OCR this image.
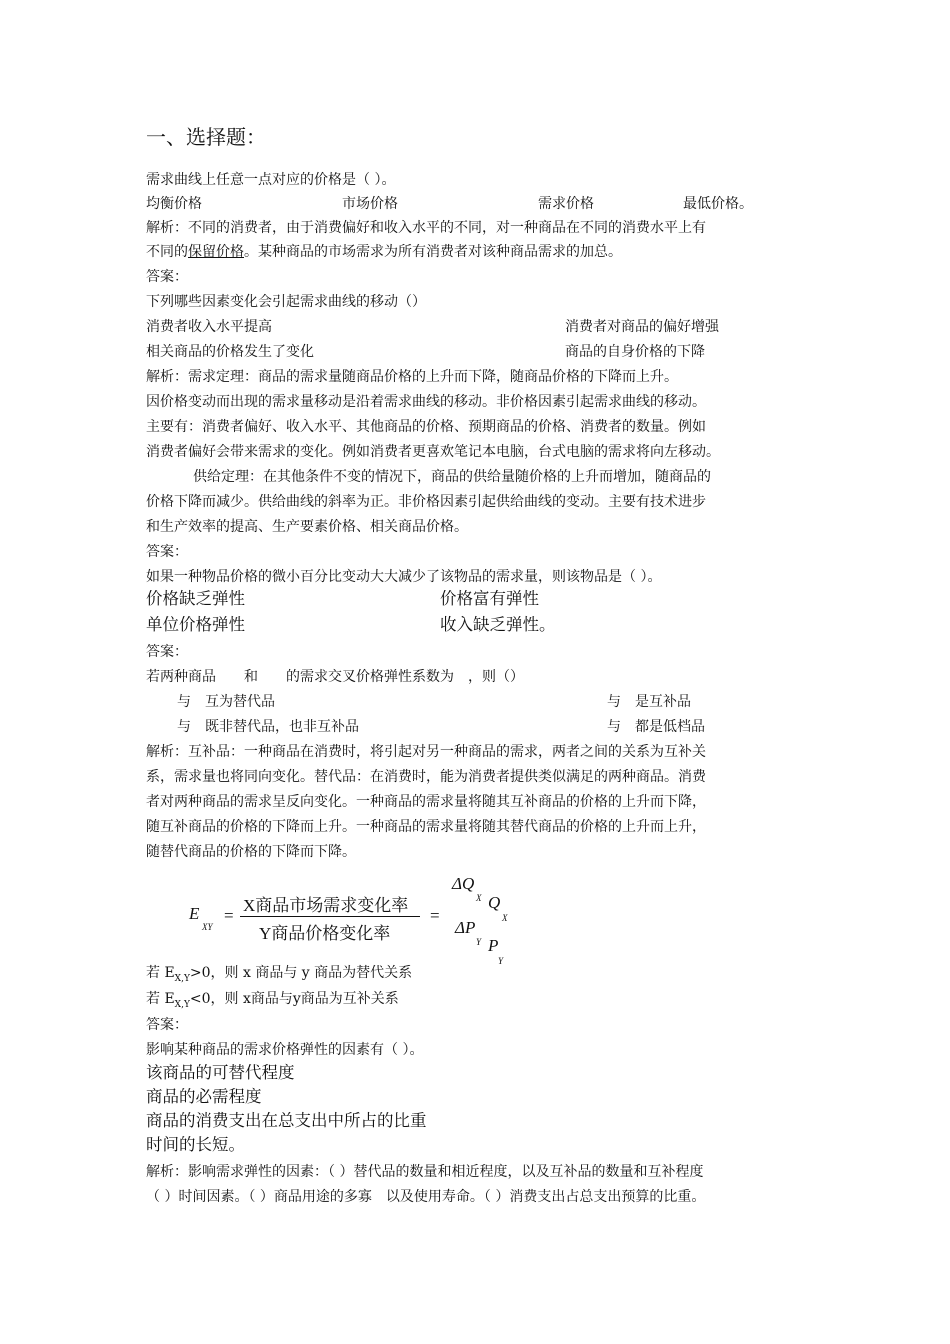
一、选择题：
需求曲线上任意一点对应的价格是（ ）。
均衡价格	市场价格	需求价格	最低价格。
解析：不同的消费者，由于消费偏好和收入水平的不同，对一种商品在不同的消费水平上有
不同的保留价格。某种商品的市场需求为所有消费者对该种商品需求的加总。
答案：
下列哪些因素变化会引起需求曲线的移动（）
消费者收入水平提高	消费者对商品的偏好增强
相关商品的价格发生了变化	商品的自身价格的下降
解析：需求定理：商品的需求量随商品价格的上升而下降，随商品价格的下降而上升。
因价格变动而出现的需求量移动是沿着需求曲线的移动。非价格因素引起需求曲线的移动。
主要有：消费者偏好、收入水平、其他商品的价格、预期商品的价格、消费者的数量。例如
消费者偏好会带来需求的变化。例如消费者更喜欢笔记本电脑，台式电脑的需求将向左移动。
供给定理：在其他条件不变的情况下，商品的供给量随价格的上升而增加，随商品的
价格下降而减少。供给曲线的斜率为正。非价格因素引起供给曲线的变动。主要有技术进步
和生产效率的提高、生产要素价格、相关商品价格。
答案：
如果一种物品价格的微小百分比变动大大减少了该物品的需求量，则该物品是（ ）。
价格缺乏弹性	价格富有弹性
单位价格弹性	收入缺乏弹性。
答案：
若两种商品　　 和　　 的需求交叉价格弹性系数为　 ，则（）
与　 互为替代品	与　 是互补品
与　 既非替代品，也非互补品	与　 都是低档品
解析：互补品：一种商品在消费时，将引起对另一种商品的需求，两者之间的关系为互补关
系，需求量也将同向变化。替代品：在消费时，能为消费者提供类似满足的两种商品。消费
者对两种商品的需求呈反向变化。一种商品的需求量将随其互补商品的价格的上升而下降，
随互补商品的价格的下降而上升。一种商品的需求量将随其替代商品的价格的上升而上升，
随替代商品的价格的下降而下降。
E
XY
=
X商品市场需求变化率
Y商品价格变化率
=
ΔQ
X Q
X
ΔP
Y P
Y
若 $E_{X,Y}>0$，则 x 商品与 y 商品为替代关系
若 $E_{X,Y}<0$，则 x商品与y商品为互补关系
答案：
影响某种商品的需求价格弹性的因素有（ ）。
该商品的可替代程度
商品的必需程度
商品的消费支出在总支出中所占的比重
时间的长短。
解析：影响需求弹性的因素：（ ）替代品的数量和相近程度，以及互补品的数量和互补程度
（ ）时间因素。（ ）商品用途的多寡　以及使用寿命。（ ）消费支出占总支出预算的比重。
